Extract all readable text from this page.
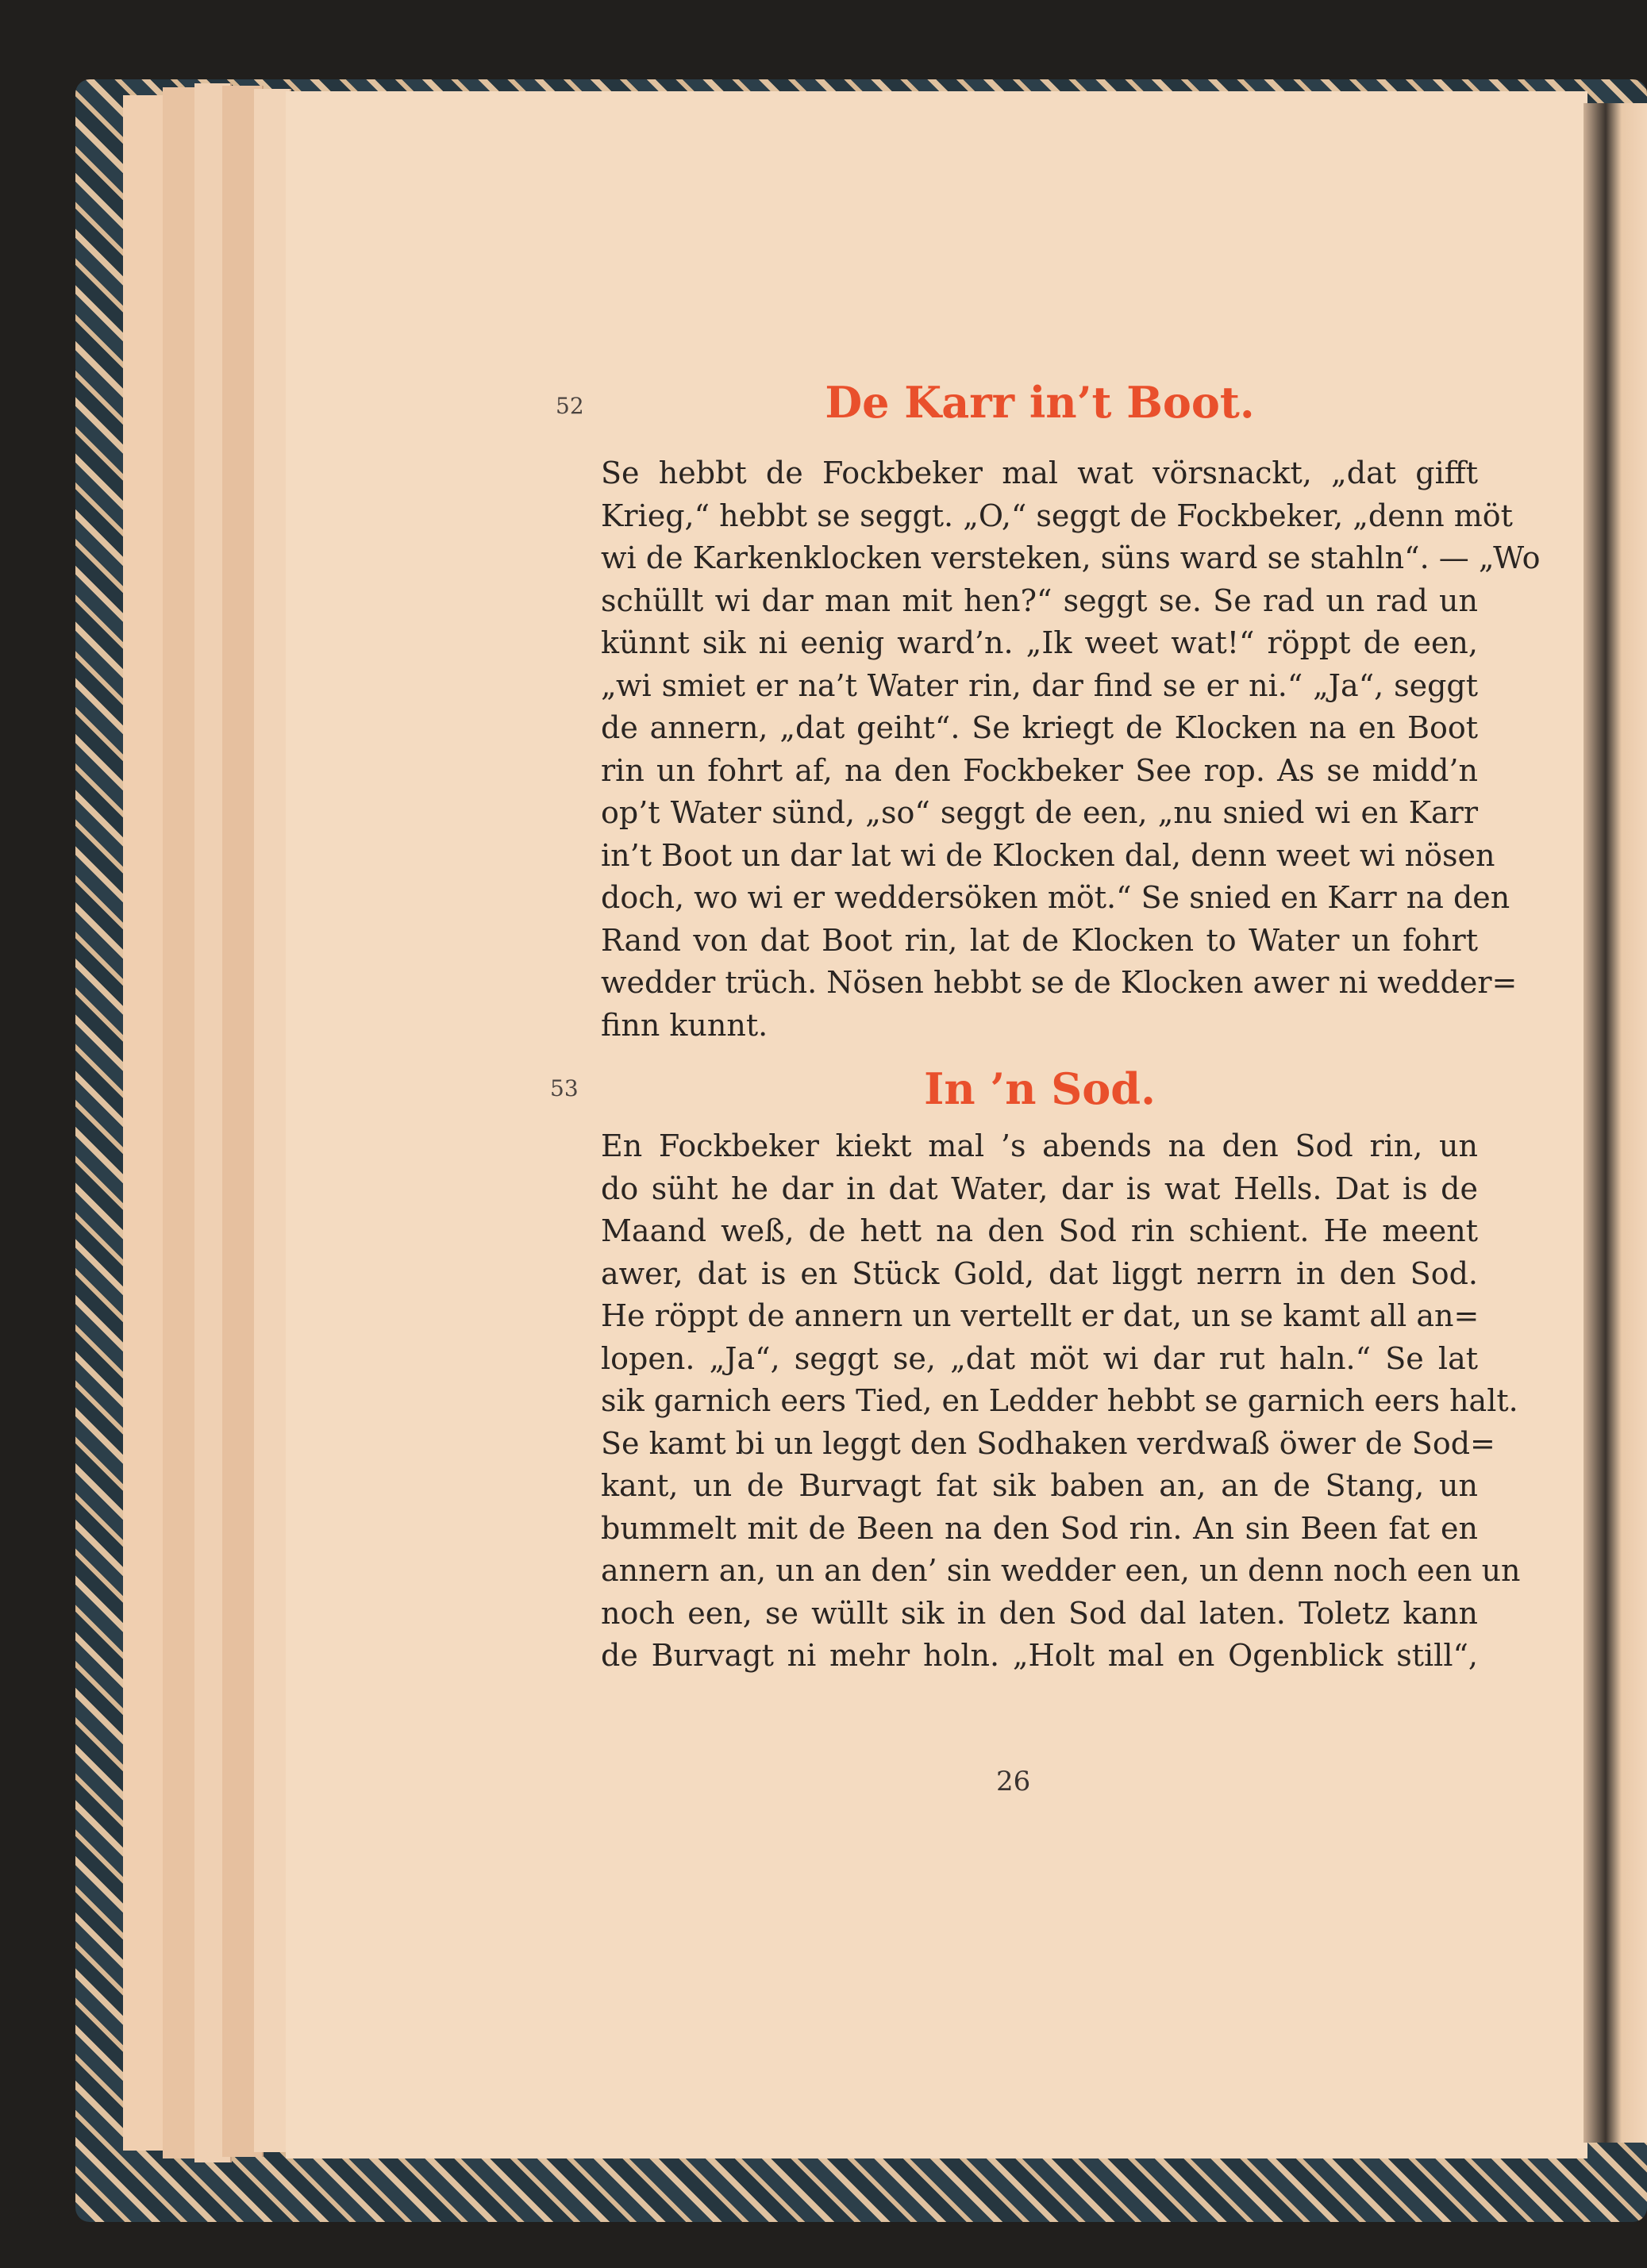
52	De Karr in’t Boot.
Se hebbt de Fockbeker mal wat vörsnackt, „dat gifft
Krieg,“ hebbt se seggt. „O,“ seggt de Fockbeker, „denn möt
wi de Karkenklocken versteken, süns ward se stahln“. — „Wo
schüllt wi dar man mit hen?“ seggt se. Se rad un rad un
künnt sik ni eenig ward’n. „Ik weet wat!“ röppt de een,
„wi smiet er na’t Water rin, dar find se er ni.“ „Ja“, seggt
de annern, „dat geiht“. Se kriegt de Klocken na en Boot
rin un fohrt af, na den Fockbeker See rop. As se midd’n
op’t Water sünd, „so“ seggt de een, „nu snied wi en Karr
in’t Boot un dar lat wi de Klocken dal, denn weet wi nösen
doch, wo wi er weddersöken möt.“ Se snied en Karr na den
Rand von dat Boot rin, lat de Klocken to Water un fohrt
wedder trüch. Nösen hebbt se de Klocken awer ni wedder=
finn kunnt.
53	In ’n Sod.
En Fockbeker kiekt mal ’s abends na den Sod rin, un
do süht he dar in dat Water, dar is wat Hells. Dat is de
Maand weß, de hett na den Sod rin schient. He meent
awer, dat is en Stück Gold, dat liggt nerrn in den Sod.
He röppt de annern un vertellt er dat, un se kamt all an=
lopen. „Ja“, seggt se, „dat möt wi dar rut haln.“ Se lat
sik garnich eers Tied, en Ledder hebbt se garnich eers halt.
Se kamt bi un leggt den Sodhaken verdwaß öwer de Sod=
kant, un de Burvagt fat sik baben an, an de Stang, un
bummelt mit de Been na den Sod rin. An sin Been fat en
annern an, un an den’ sin wedder een, un denn noch een un
noch een, se wüllt sik in den Sod dal laten. Toletz kann
de Burvagt ni mehr holn. „Holt mal en Ogenblick still“,
26
